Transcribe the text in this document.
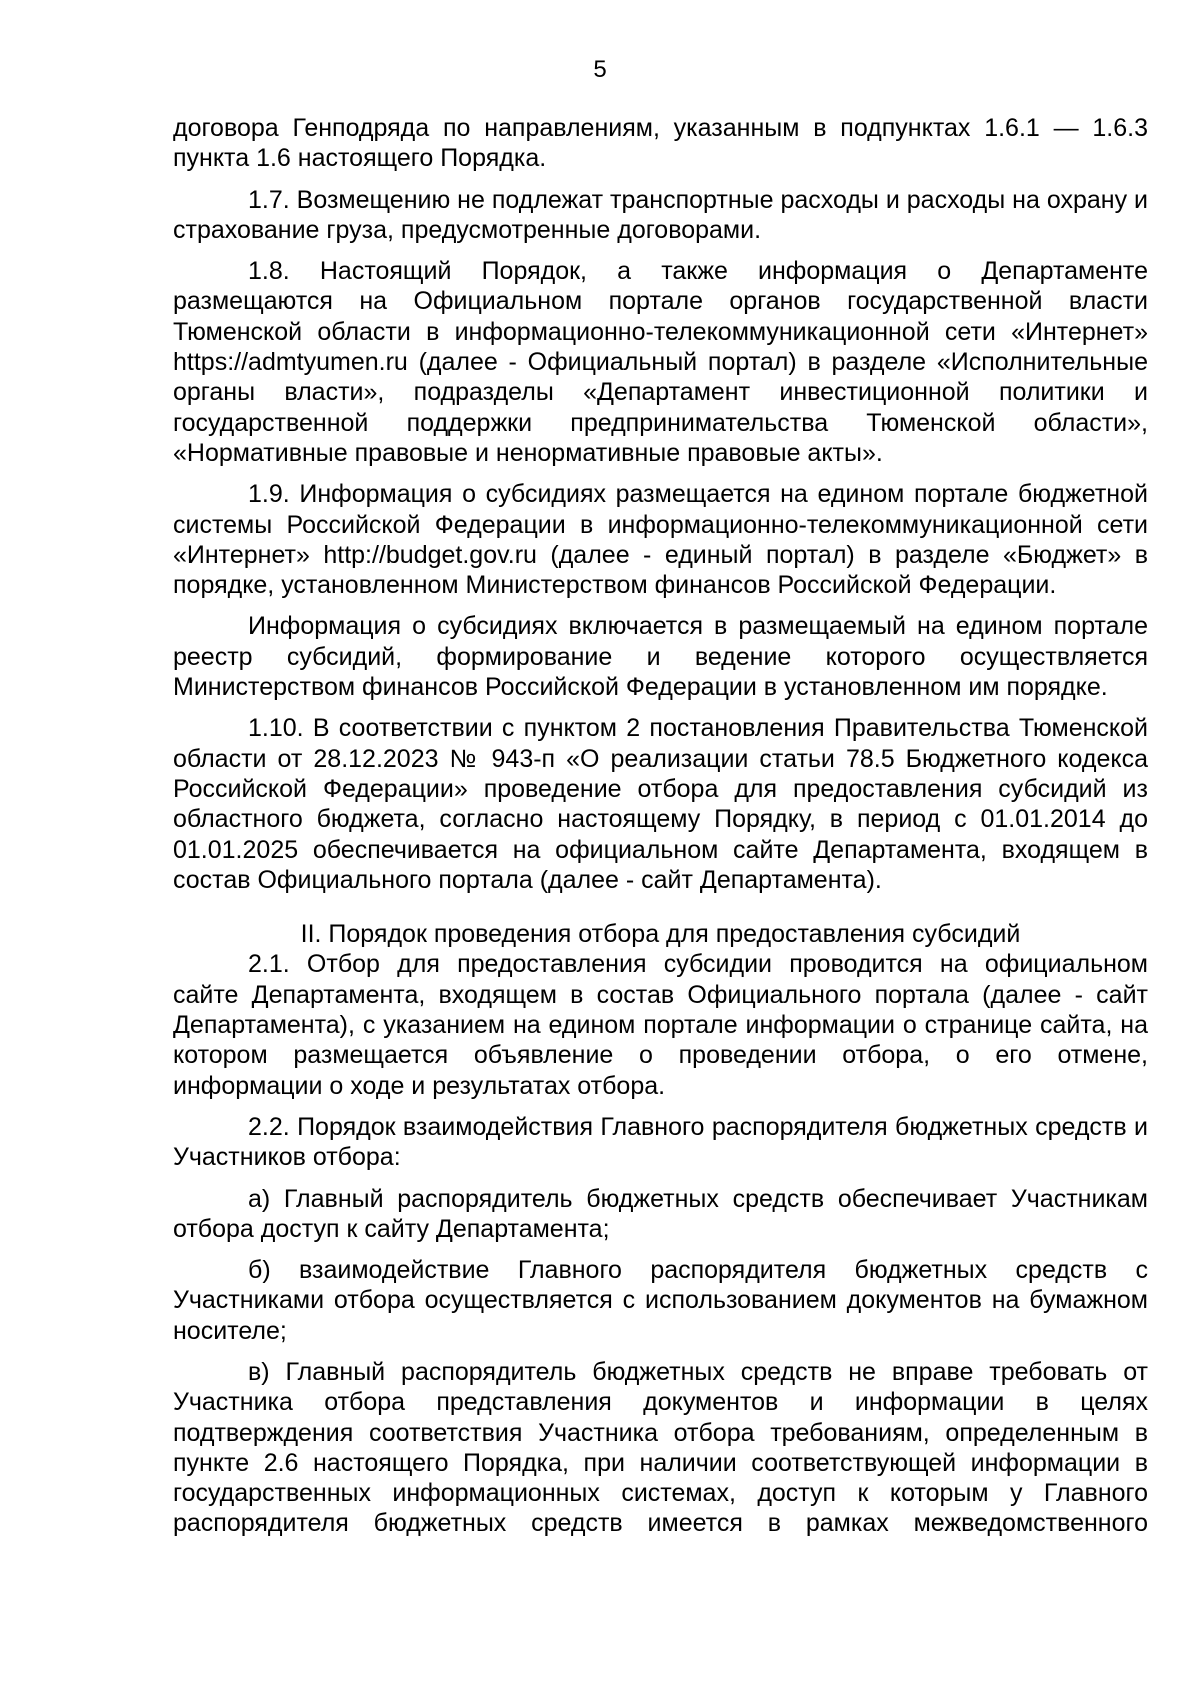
5

договора Генподряда по направлениям, указанным в подпунктах 1.6.1 — 1.6.3 пункта 1.6 настоящего Порядка.

1.7. Возмещению не подлежат транспортные расходы и расходы на охрану и страхование груза, предусмотренные договорами.

1.8. Настоящий Порядок, а также информация о Департаменте размещаются на Официальном портале органов государственной власти Тюменской области в информационно-телекоммуникационной сети «Интернет» https://admtyumen.ru (далее - Официальный портал) в разделе «Исполнительные органы власти», подразделы «Департамент инвестиционной политики и государственной поддержки предпринимательства Тюменской области», «Нормативные правовые и ненормативные правовые акты».

1.9. Информация о субсидиях размещается на едином портале бюджетной системы Российской Федерации в информационно-телекоммуникационной сети «Интернет» http://budget.gov.ru (далее - единый портал) в разделе «Бюджет» в порядке, установленном Министерством финансов Российской Федерации.

Информация о субсидиях включается в размещаемый на едином портале реестр субсидий, формирование и ведение которого осуществляется Министерством финансов Российской Федерации в установленном им порядке.

1.10. В соответствии с пунктом 2 постановления Правительства Тюменской области от 28.12.2023 № 943-п «О реализации статьи 78.5 Бюджетного кодекса Российской Федерации» проведение отбора для предоставления субсидий из областного бюджета, согласно настоящему Порядку, в период с 01.01.2014 до 01.01.2025 обеспечивается на официальном сайте Департамента, входящем в состав Официального портала (далее - сайт Департамента).

II. Порядок проведения отбора для предоставления субсидий

2.1. Отбор для предоставления субсидии проводится на официальном сайте Департамента, входящем в состав Официального портала (далее - сайт Департамента), с указанием на едином портале информации о странице сайта, на котором размещается объявление о проведении отбора, о его отмене, информации о ходе и результатах отбора.

2.2. Порядок взаимодействия Главного распорядителя бюджетных средств и Участников отбора:

а) Главный распорядитель бюджетных средств обеспечивает Участникам отбора доступ к сайту Департамента;

б) взаимодействие Главного распорядителя бюджетных средств с Участниками отбора осуществляется с использованием документов на бумажном носителе;

в) Главный распорядитель бюджетных средств не вправе требовать от Участника отбора представления документов и информации в целях подтверждения соответствия Участника отбора требованиям, определенным в пункте 2.6 настоящего Порядка, при наличии соответствующей информации в государственных информационных системах, доступ к которым у Главного распорядителя бюджетных средств имеется в рамках межведомственного
